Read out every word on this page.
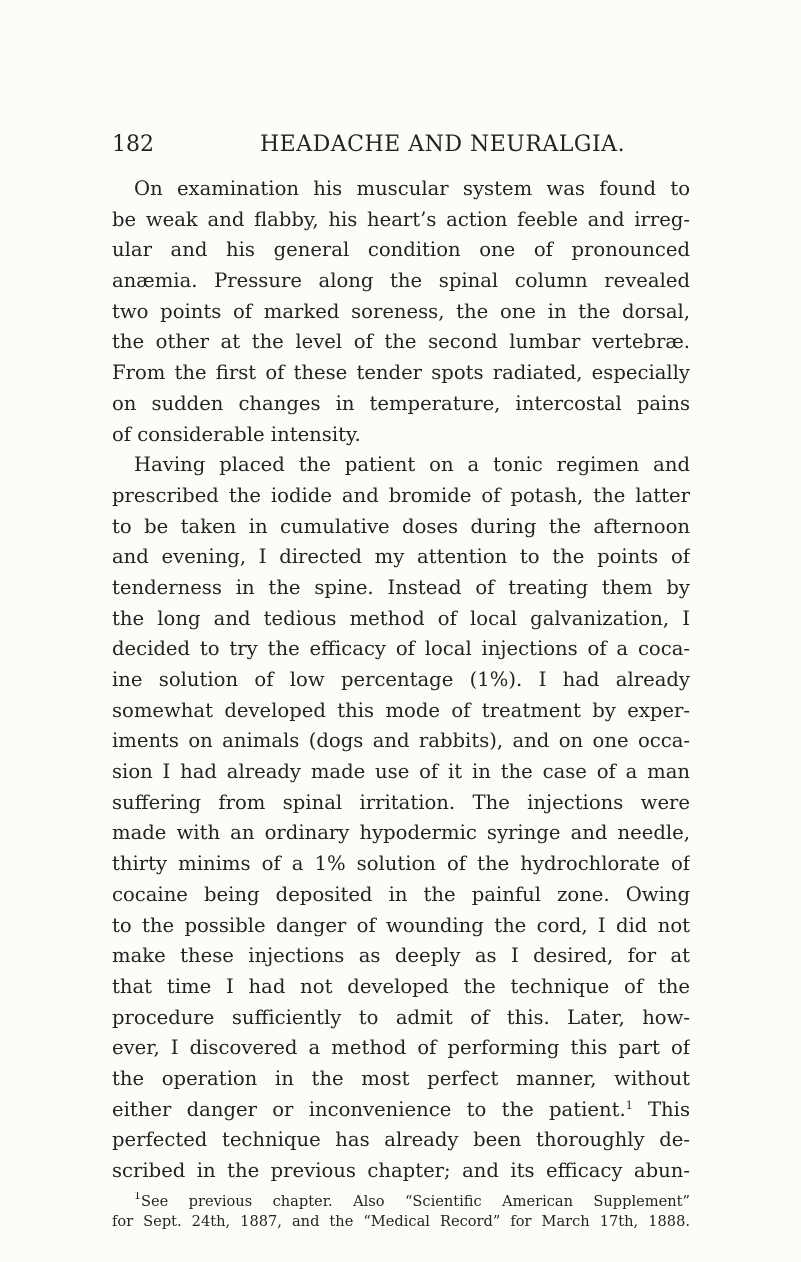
182	HEADACHE AND NEURALGIA.
On examination his muscular system was found to
be weak and flabby, his heart’s action feeble and irreg-
ular and his general condition one of pronounced
anæmia. Pressure along the spinal column revealed
two points of marked soreness, the one in the dorsal,
the other at the level of the second lumbar vertebræ.
From the first of these tender spots radiated, especially
on sudden changes in temperature, intercostal pains
of considerable intensity.
Having placed the patient on a tonic regimen and
prescribed the iodide and bromide of potash, the latter
to be taken in cumulative doses during the afternoon
and evening, I directed my attention to the points of
tenderness in the spine. Instead of treating them by
the long and tedious method of local galvanization, I
decided to try the efficacy of local injections of a coca-
ine solution of low percentage (1%). I had already
somewhat developed this mode of treatment by exper-
iments on animals (dogs and rabbits), and on one occa-
sion I had already made use of it in the case of a man
suffering from spinal irritation. The injections were
made with an ordinary hypodermic syringe and needle,
thirty minims of a 1% solution of the hydrochlorate of
cocaine being deposited in the painful zone. Owing
to the possible danger of wounding the cord, I did not
make these injections as deeply as I desired, for at
that time I had not developed the technique of the
procedure sufficiently to admit of this. Later, how-
ever, I discovered a method of performing this part of
the operation in the most perfect manner, without
either danger or inconvenience to the patient.$^1$ This
perfected technique has already been thoroughly de-
scribed in the previous chapter; and its efficacy abun-
$^1$See previous chapter. Also “Scientific American Supplement”
for Sept. 24th, 1887, and the “Medical Record” for March 17th, 1888.
